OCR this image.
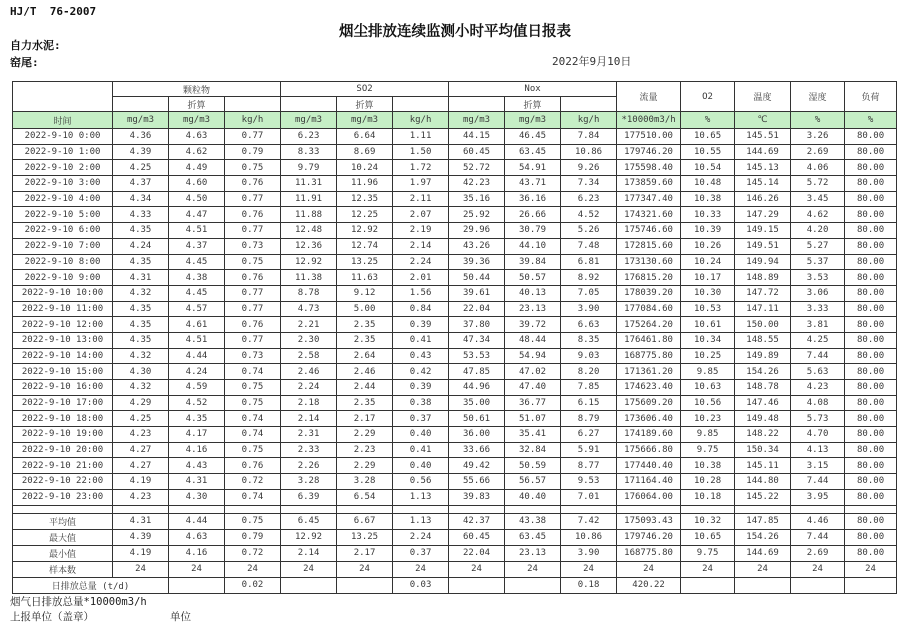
HJ/T  76-2007
烟尘排放连续监测小时平均值日报表
自力水泥:
窑尾:	2022年9月10日
	颗粒物			SO2			Nox			流量	O2	温度	湿度	负荷
		折算			折算			折算						
时间	mg/m3	mg/m3	kg/h	mg/m3	mg/m3	kg/h	mg/m3	mg/m3	kg/h	*10000m3/h	%	℃	%	%
2022-9-10 0:00	4.36	4.63	0.77	6.23	6.64	1.11	44.15	46.45	7.84	177510.00	10.65	145.51	3.26	80.00
2022-9-10 1:00	4.39	4.62	0.79	8.33	8.69	1.50	60.45	63.45	10.86	179746.20	10.55	144.69	2.69	80.00
2022-9-10 2:00	4.25	4.49	0.75	9.79	10.24	1.72	52.72	54.91	9.26	175598.40	10.54	145.13	4.06	80.00
2022-9-10 3:00	4.37	4.60	0.76	11.31	11.96	1.97	42.23	43.71	7.34	173859.60	10.48	145.14	5.72	80.00
2022-9-10 4:00	4.34	4.50	0.77	11.91	12.35	2.11	35.16	36.16	6.23	177347.40	10.38	146.26	3.45	80.00
2022-9-10 5:00	4.33	4.47	0.76	11.88	12.25	2.07	25.92	26.66	4.52	174321.60	10.33	147.29	4.62	80.00
2022-9-10 6:00	4.35	4.51	0.77	12.48	12.92	2.19	29.96	30.79	5.26	175746.60	10.39	149.15	4.20	80.00
2022-9-10 7:00	4.24	4.37	0.73	12.36	12.74	2.14	43.26	44.10	7.48	172815.60	10.26	149.51	5.27	80.00
2022-9-10 8:00	4.35	4.45	0.75	12.92	13.25	2.24	39.36	39.84	6.81	173130.60	10.24	149.94	5.37	80.00
2022-9-10 9:00	4.31	4.38	0.76	11.38	11.63	2.01	50.44	50.57	8.92	176815.20	10.17	148.89	3.53	80.00
2022-9-10 10:00	4.32	4.45	0.77	8.78	9.12	1.56	39.61	40.13	7.05	178039.20	10.30	147.72	3.06	80.00
2022-9-10 11:00	4.35	4.57	0.77	4.73	5.00	0.84	22.04	23.13	3.90	177084.60	10.53	147.11	3.33	80.00
2022-9-10 12:00	4.35	4.61	0.76	2.21	2.35	0.39	37.80	39.72	6.63	175264.20	10.61	150.00	3.81	80.00
2022-9-10 13:00	4.35	4.51	0.77	2.30	2.35	0.41	47.34	48.44	8.35	176461.80	10.34	148.55	4.25	80.00
2022-9-10 14:00	4.32	4.44	0.73	2.58	2.64	0.43	53.53	54.94	9.03	168775.80	10.25	149.89	7.44	80.00
2022-9-10 15:00	4.30	4.24	0.74	2.46	2.46	0.42	47.85	47.02	8.20	171361.20	9.85	154.26	5.63	80.00
2022-9-10 16:00	4.32	4.59	0.75	2.24	2.44	0.39	44.96	47.40	7.85	174623.40	10.63	148.78	4.23	80.00
2022-9-10 17:00	4.29	4.52	0.75	2.18	2.35	0.38	35.00	36.77	6.15	175609.20	10.56	147.46	4.08	80.00
2022-9-10 18:00	4.25	4.35	0.74	2.14	2.17	0.37	50.61	51.07	8.79	173606.40	10.23	149.48	5.73	80.00
2022-9-10 19:00	4.23	4.17	0.74	2.31	2.29	0.40	36.00	35.41	6.27	174189.60	9.85	148.22	4.70	80.00
2022-9-10 20:00	4.27	4.16	0.75	2.33	2.23	0.41	33.66	32.84	5.91	175666.80	9.75	150.34	4.13	80.00
2022-9-10 21:00	4.27	4.43	0.76	2.26	2.29	0.40	49.42	50.59	8.77	177440.40	10.38	145.11	3.15	80.00
2022-9-10 22:00	4.19	4.31	0.72	3.28	3.28	0.56	55.66	56.57	9.53	171164.40	10.28	144.80	7.44	80.00
2022-9-10 23:00	4.23	4.30	0.74	6.39	6.54	1.13	39.83	40.40	7.01	176064.00	10.18	145.22	3.95	80.00

平均值	4.31	4.44	0.75	6.45	6.67	1.13	42.37	43.38	7.42	175093.43	10.32	147.85	4.46	80.00
最大值	4.39	4.63	0.79	12.92	13.25	2.24	60.45	63.45	10.86	179746.20	10.65	154.26	7.44	80.00
最小值	4.19	4.16	0.72	2.14	2.17	0.37	22.04	23.13	3.90	168775.80	9.75	144.69	2.69	80.00
样本数	24	24	24	24	24	24	24	24	24	24	24	24	24	24
日排放总量 (t/d)			0.02			0.03			0.18	420.22				
烟气日排放总量*10000m3/h
上报单位（盖章）	单位
